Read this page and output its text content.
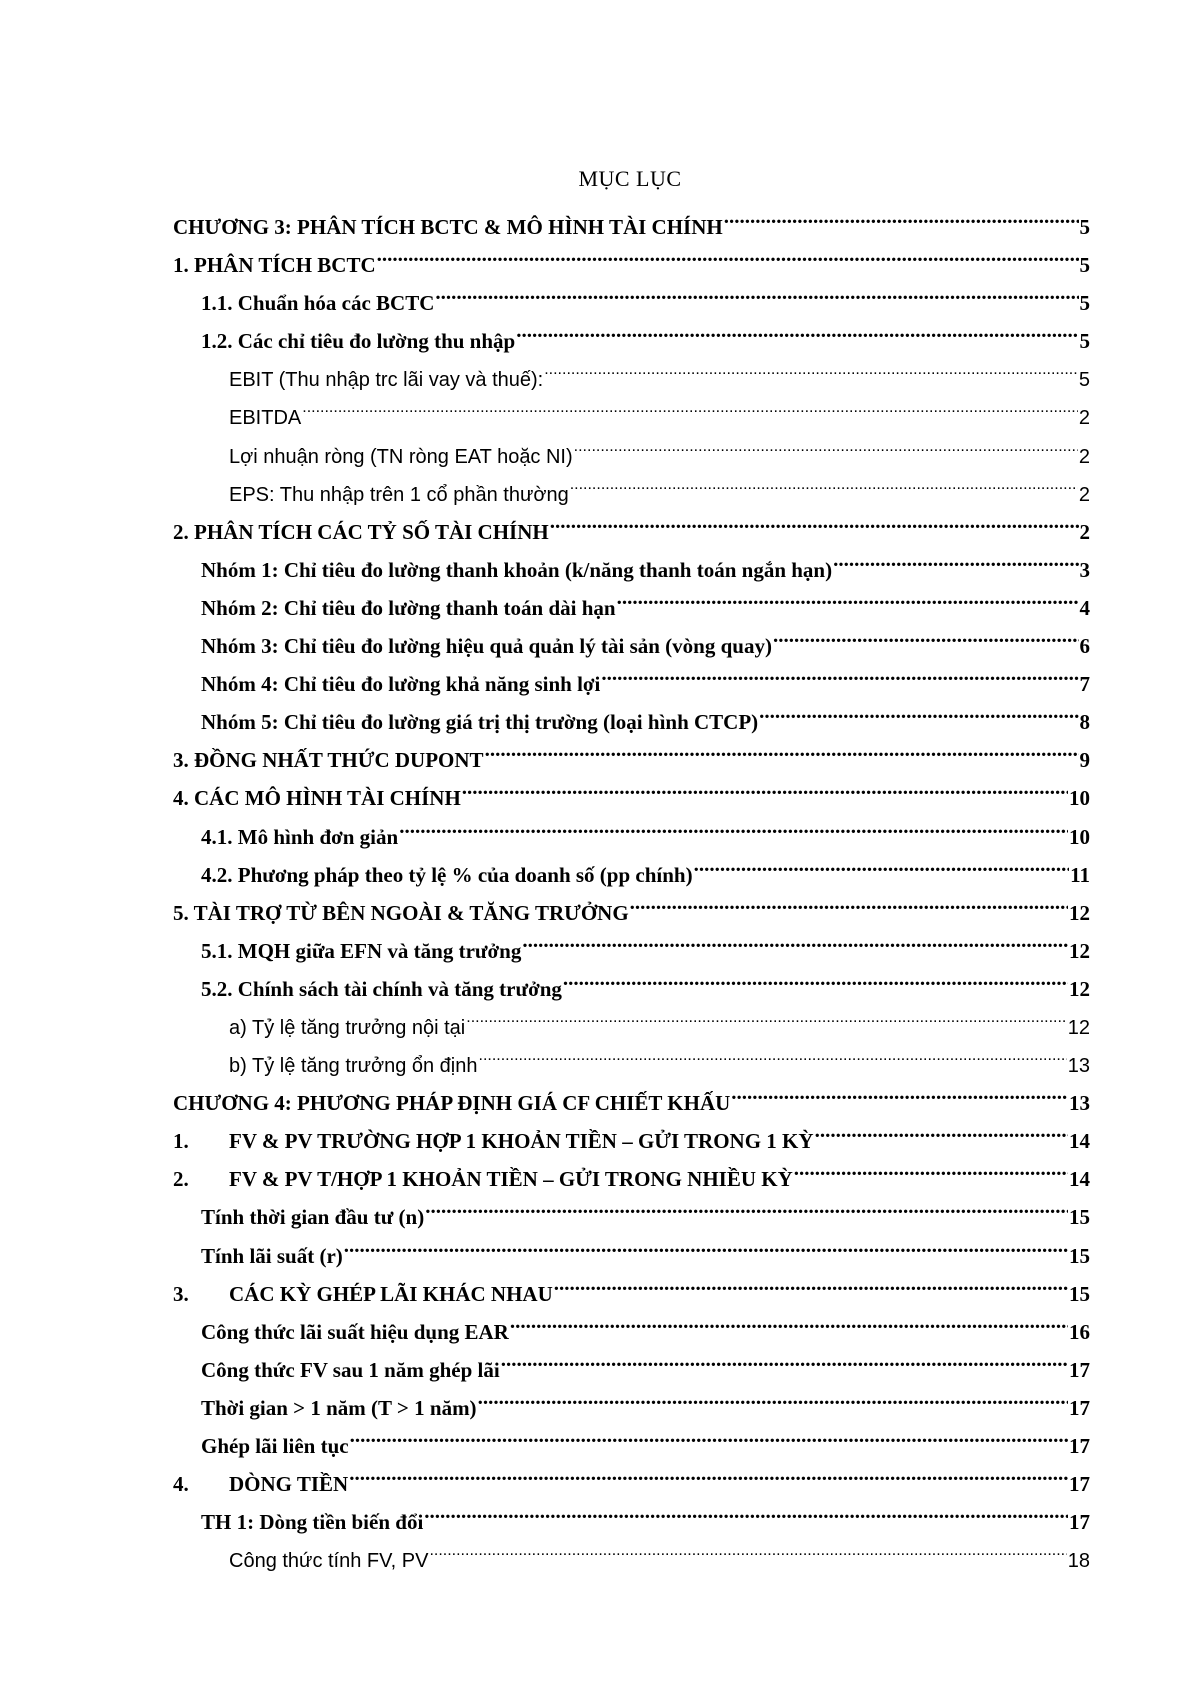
MỤC LỤC
CHƯƠNG 3: PHÂN TÍCH BCTC & MÔ HÌNH TÀI CHÍNH .....	5
1. PHÂN TÍCH BCTC .....	5
1.1. Chuẩn hóa các BCTC .....	5
1.2. Các chỉ tiêu đo lường thu nhập .....	5
EBIT (Thu nhập trc lãi vay và thuế): .....	5
EBITDA .....	2
Lợi nhuận ròng (TN ròng EAT hoặc NI) .....	2
EPS: Thu nhập trên 1 cổ phần thường .....	2
2. PHÂN TÍCH CÁC TỶ SỐ TÀI CHÍNH .....	2
Nhóm 1: Chỉ tiêu đo lường thanh khoản (k/năng thanh toán ngắn hạn) .....	3
Nhóm 2: Chỉ tiêu đo lường thanh toán dài hạn .....	4
Nhóm 3: Chỉ tiêu đo lường hiệu quả quản lý tài sản (vòng quay) .....	6
Nhóm 4: Chỉ tiêu đo lường khả năng sinh lợi .....	7
Nhóm 5: Chỉ tiêu đo lường giá trị thị trường (loại hình CTCP) .....	8
3. ĐỒNG NHẤT THỨC DUPONT .....	9
4. CÁC MÔ HÌNH TÀI CHÍNH .....	10
4.1. Mô hình đơn giản .....	10
4.2. Phương pháp theo tỷ lệ % của doanh số (pp chính) .....	11
5. TÀI TRỢ TỪ BÊN NGOÀI & TĂNG TRƯỞNG .....	12
5.1. MQH giữa EFN và tăng trưởng .....	12
5.2. Chính sách tài chính và tăng trưởng .....	12
a) Tỷ lệ tăng trưởng nội tại .....	12
b) Tỷ lệ tăng trưởng ổn định .....	13
CHƯƠNG 4: PHƯƠNG PHÁP ĐỊNH GIÁ CF CHIẾT KHẤU .....	13
1.	FV & PV TRƯỜNG HỢP 1 KHOẢN TIỀN – GỬI TRONG 1 KỲ .....	14
2.	FV & PV T/HỢP 1 KHOẢN TIỀN – GỬI TRONG NHIỀU KỲ .....	14
Tính thời gian đầu tư (n) .....	15
Tính lãi suất (r) .....	15
3.	CÁC KỲ GHÉP LÃI KHÁC NHAU .....	15
Công thức lãi suất hiệu dụng EAR .....	16
Công thức FV sau 1 năm ghép lãi .....	17
Thời gian > 1 năm (T > 1 năm) .....	17
Ghép lãi liên tục .....	17
4.	DÒNG TIỀN .....	17
TH 1: Dòng tiền biến đổi .....	17
Công thức tính FV, PV .....	18
